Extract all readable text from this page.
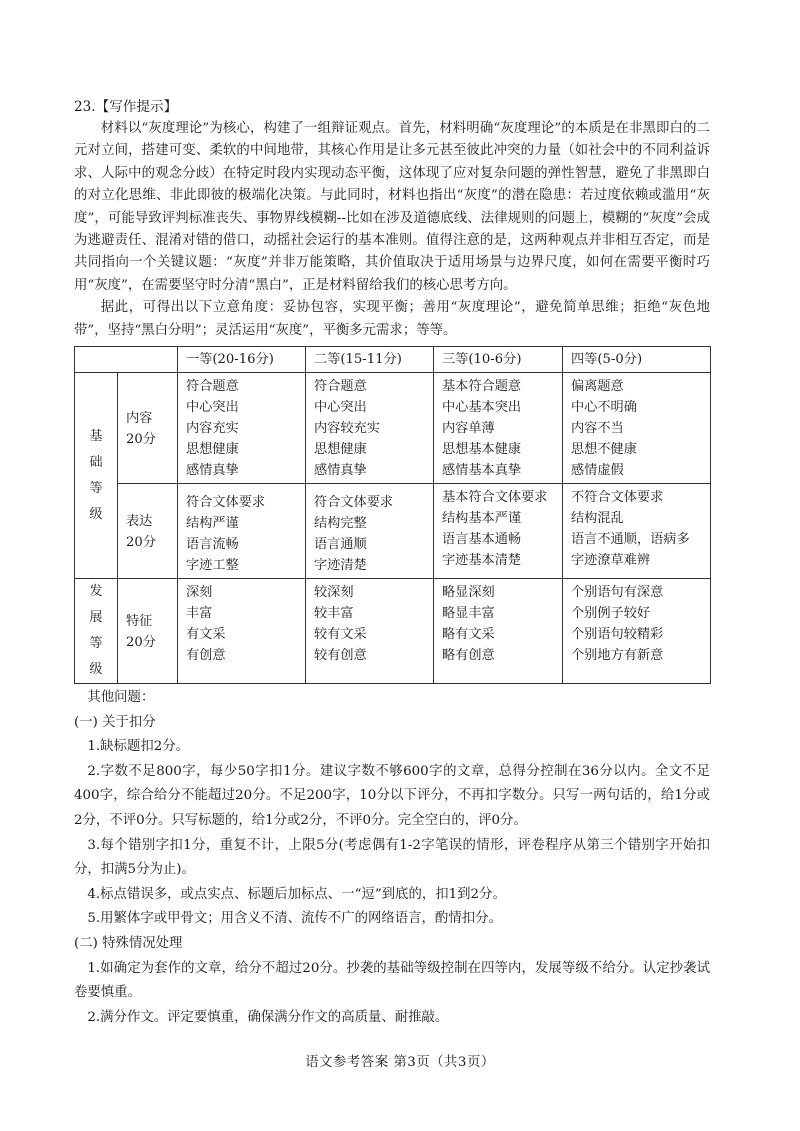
23.【写作提示】

材料以“灰度理论”为核心，构建了一组辩证观点。首先，材料明确“灰度理论”的本质是在非黑即白的二元对立间，搭建可变、柔软的中间地带，其核心作用是让多元甚至彼此冲突的力量（如社会中的不同利益诉求、人际中的观念分歧）在特定时段内实现动态平衡，这体现了应对复杂问题的弹性智慧，避免了非黑即白的对立化思维、非此即彼的极端化决策。与此同时，材料也指出“灰度”的潜在隐患：若过度依赖或滥用“灰度”，可能导致评判标准丧失、事物界线模糊--比如在涉及道德底线、法律规则的问题上，模糊的“灰度”会成为逃避责任、混淆对错的借口，动摇社会运行的基本准则。值得注意的是，这两种观点并非相互否定，而是共同指向一个关键议题：“灰度”并非万能策略，其价值取决于适用场景与边界尺度，如何在需要平衡时巧用“灰度”，在需要坚守时分清“黑白”，正是材料留给我们的核心思考方向。

据此，可得出以下立意角度：妥协包容，实现平衡；善用“灰度理论”，避免简单思维；拒绝“灰色地带”，坚持“黑白分明”；灵活运用“灰度”，平衡多元需求；等等。

		一等(20-16分)	二等(15-11分)	三等(10-6分)	四等(5-0分)

基
础
等
级	内容
20分	符合题意
中心突出
内容充实
思想健康
感情真挚	符合题意
中心突出
内容较充实
思想健康
感情真挚	基本符合题意
中心基本突出
内容单薄
思想基本健康
感情基本真挚	偏离题意
中心不明确
内容不当
思想不健康
感情虚假

	表达
20分	符合文体要求
结构严谨
语言流畅
字迹工整	符合文体要求
结构完整
语言通顺
字迹清楚	基本符合文体要求
结构基本严谨
语言基本通畅
字迹基本清楚	不符合文体要求
结构混乱
语言不通顺，语病多
字迹潦草难辨

发
展
等
级	特征
20分	深刻
丰富
有文采
有创意	较深刻
较丰富
较有文采
较有创意	略显深刻
略显丰富
略有文采
略有创意	个别语句有深意
个别例子较好
个别语句较精彩
个别地方有新意

其他问题：

(一) 关于扣分

1.缺标题扣2分。

2.字数不足800字，每少50字扣1分。建议字数不够600字的文章，总得分控制在36分以内。全文不足400字，综合给分不能超过20分。不足200字，10分以下评分，不再扣字数分。只写一两句话的，给1分或2分，不评0分。只写标题的，给1分或2分，不评0分。完全空白的，评0分。

3.每个错别字扣1分，重复不计，上限5分(考虑偶有1-2字笔误的情形，评卷程序从第三个错别字开始扣分，扣满5分为止)。

4.标点错误多，或点实点、标题后加标点、一“逗”到底的，扣1到2分。

5.用繁体字或甲骨文；用含义不清、流传不广的网络语言，酌情扣分。

(二) 特殊情况处理

1.如确定为套作的文章，给分不超过20分。抄袭的基础等级控制在四等内，发展等级不给分。认定抄袭试卷要慎重。

2.满分作文。评定要慎重，确保满分作文的高质量、耐推敲。

语文参考答案 第3页（共3页）
